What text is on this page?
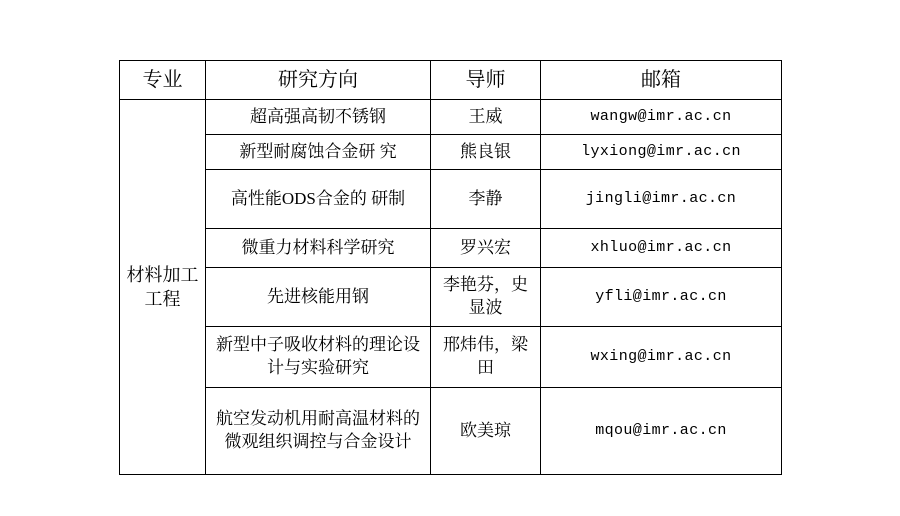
专业	研究方向	导师	邮箱
材料加工工程	超高强高韧不锈钢	王威	wangw@imr.ac.cn
	新型耐腐蚀合金研 究	熊良银	lyxiong@imr.ac.cn
	高性能ODS合金的 研制	李静	jingli@imr.ac.cn
	微重力材料科学研究	罗兴宏	xhluo@imr.ac.cn
	先进核能用钢	李艳芬，史显波	yfli@imr.ac.cn
	新型中子吸收材料的理论设计与实验研究	邢炜伟，梁田	wxing@imr.ac.cn
	航空发动机用耐高温材料的微观组织调控与合金设计	欧美琼	mqou@imr.ac.cn
